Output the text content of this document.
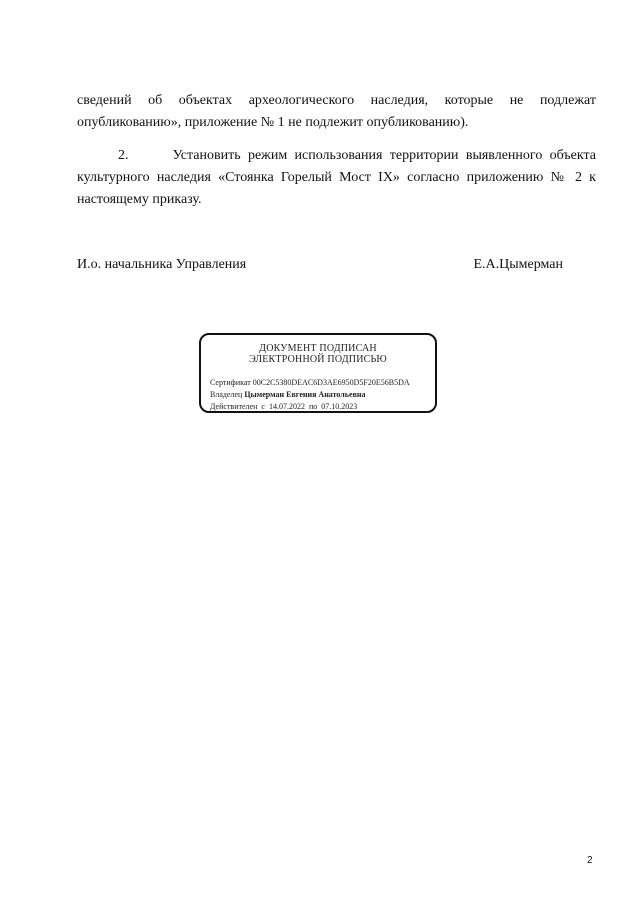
сведений об объектах археологического наследия, которые не подлежат опубликованию», приложение № 1 не подлежит опубликованию).
2.	Установить режим использования территории выявленного объекта культурного наследия «Стоянка Горелый Мост IX» согласно приложению № 2 к настоящему приказу.
И.о. начальника Управления	Е.А.Цымерман
ДОКУМЕНТ ПОДПИСАН
ЭЛЕКТРОННОЙ ПОДПИСЬЮ
Сертификат 00C2C5380DEAC6D3AE6950D5F20E56B5DA
Владелец Цымерман Евгения Анатольевна
Действителен с 14.07.2022 по 07.10.2023
2
